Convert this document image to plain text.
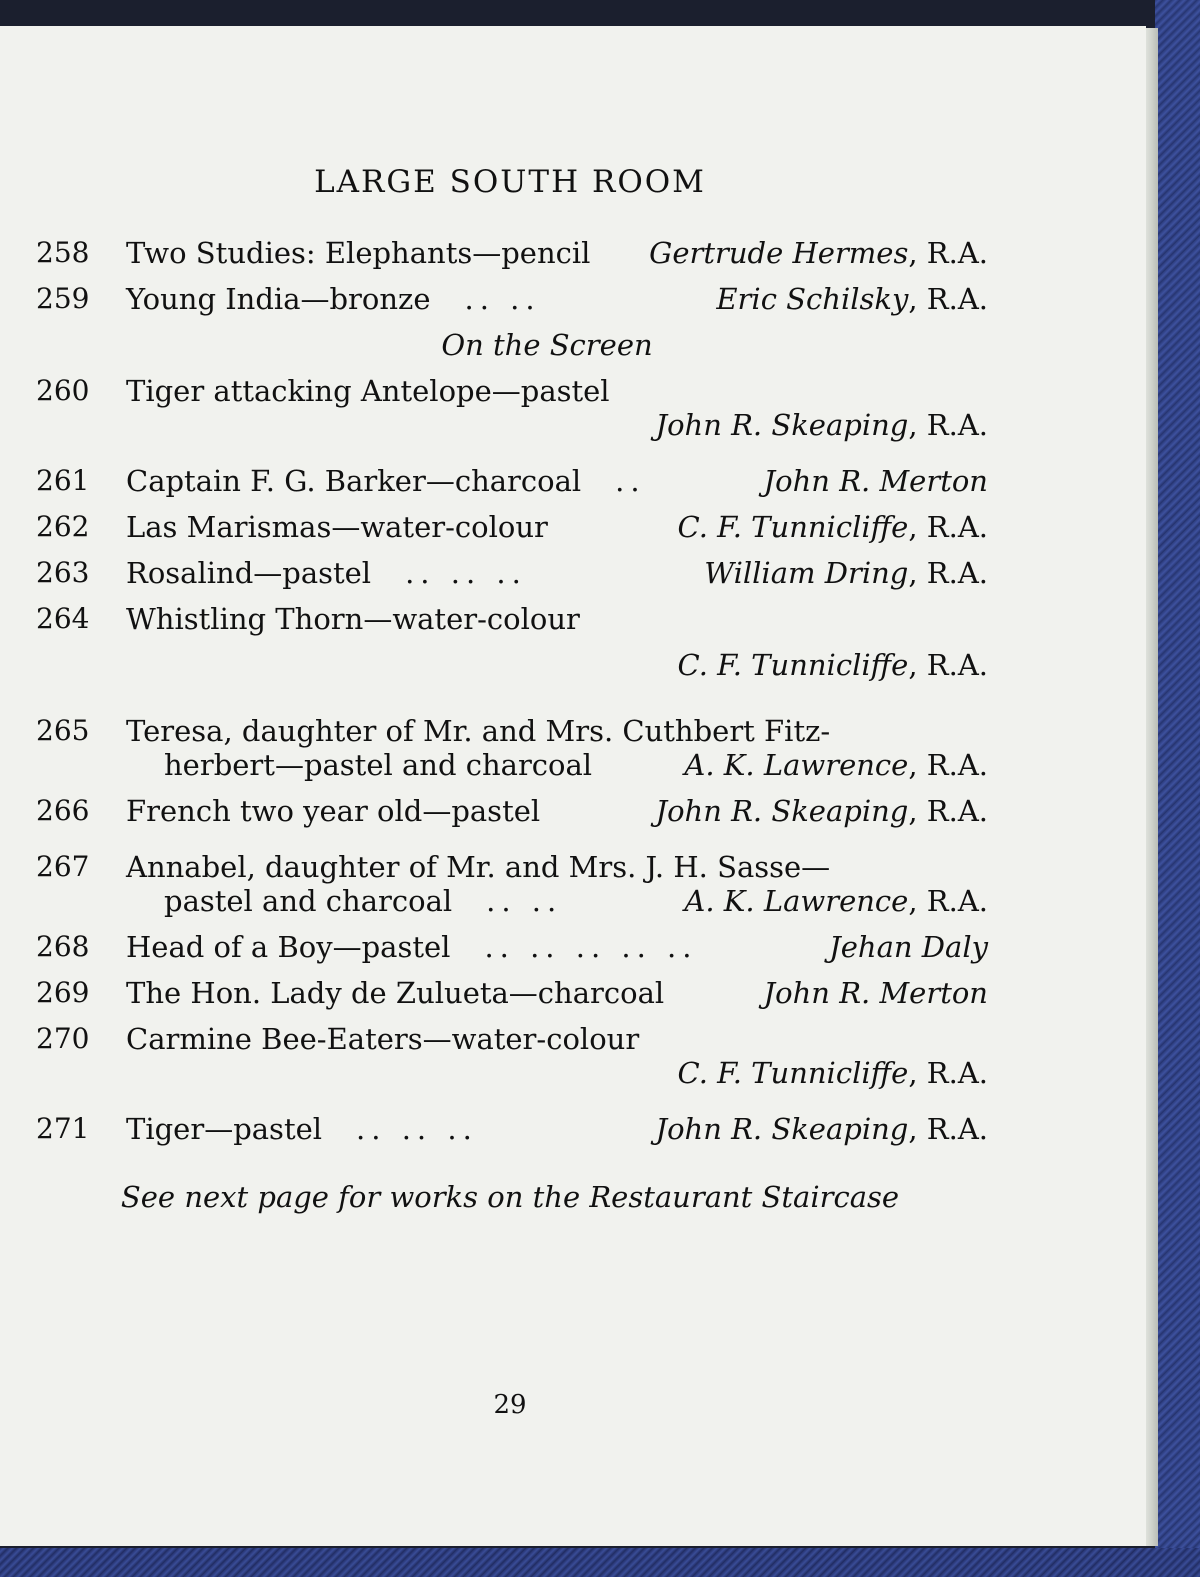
LARGE SOUTH ROOM
258 Two Studies: Elephants—pencil Gertrude Hermes, R.A.
259 Young India—bronze .. ..	Eric Schilsky, R.A.
On the Screen
260 Tiger attacking Antelope—pastel
John R. Skeaping, R.A.
261 Captain F. G. Barker—charcoal ..	John R. Merton
262 Las Marismas—water-colour	C. F. Tunnicliffe, R.A.
263 Rosalind—pastel .. .. ..	William Dring, R.A.
264 Whistling Thorn—water-colour
C. F. Tunnicliffe, R.A.
265 Teresa, daughter of Mr. and Mrs. Cuthbert Fitz-
herbert—pastel and charcoal	A. K. Lawrence, R.A.
266 French two year old—pastel	John R. Skeaping, R.A.
267 Annabel, daughter of Mr. and Mrs. J. H. Sasse—
pastel and charcoal .. ..	A. K. Lawrence, R.A.
268 Head of a Boy—pastel .. .. .. .. ..	Jehan Daly
269 The Hon. Lady de Zulueta—charcoal	John R. Merton
270 Carmine Bee-Eaters—water-colour
C. F. Tunnicliffe, R.A.
271 Tiger—pastel .. .. ..	John R. Skeaping, R.A.
See next page for works on the Restaurant Staircase
29
